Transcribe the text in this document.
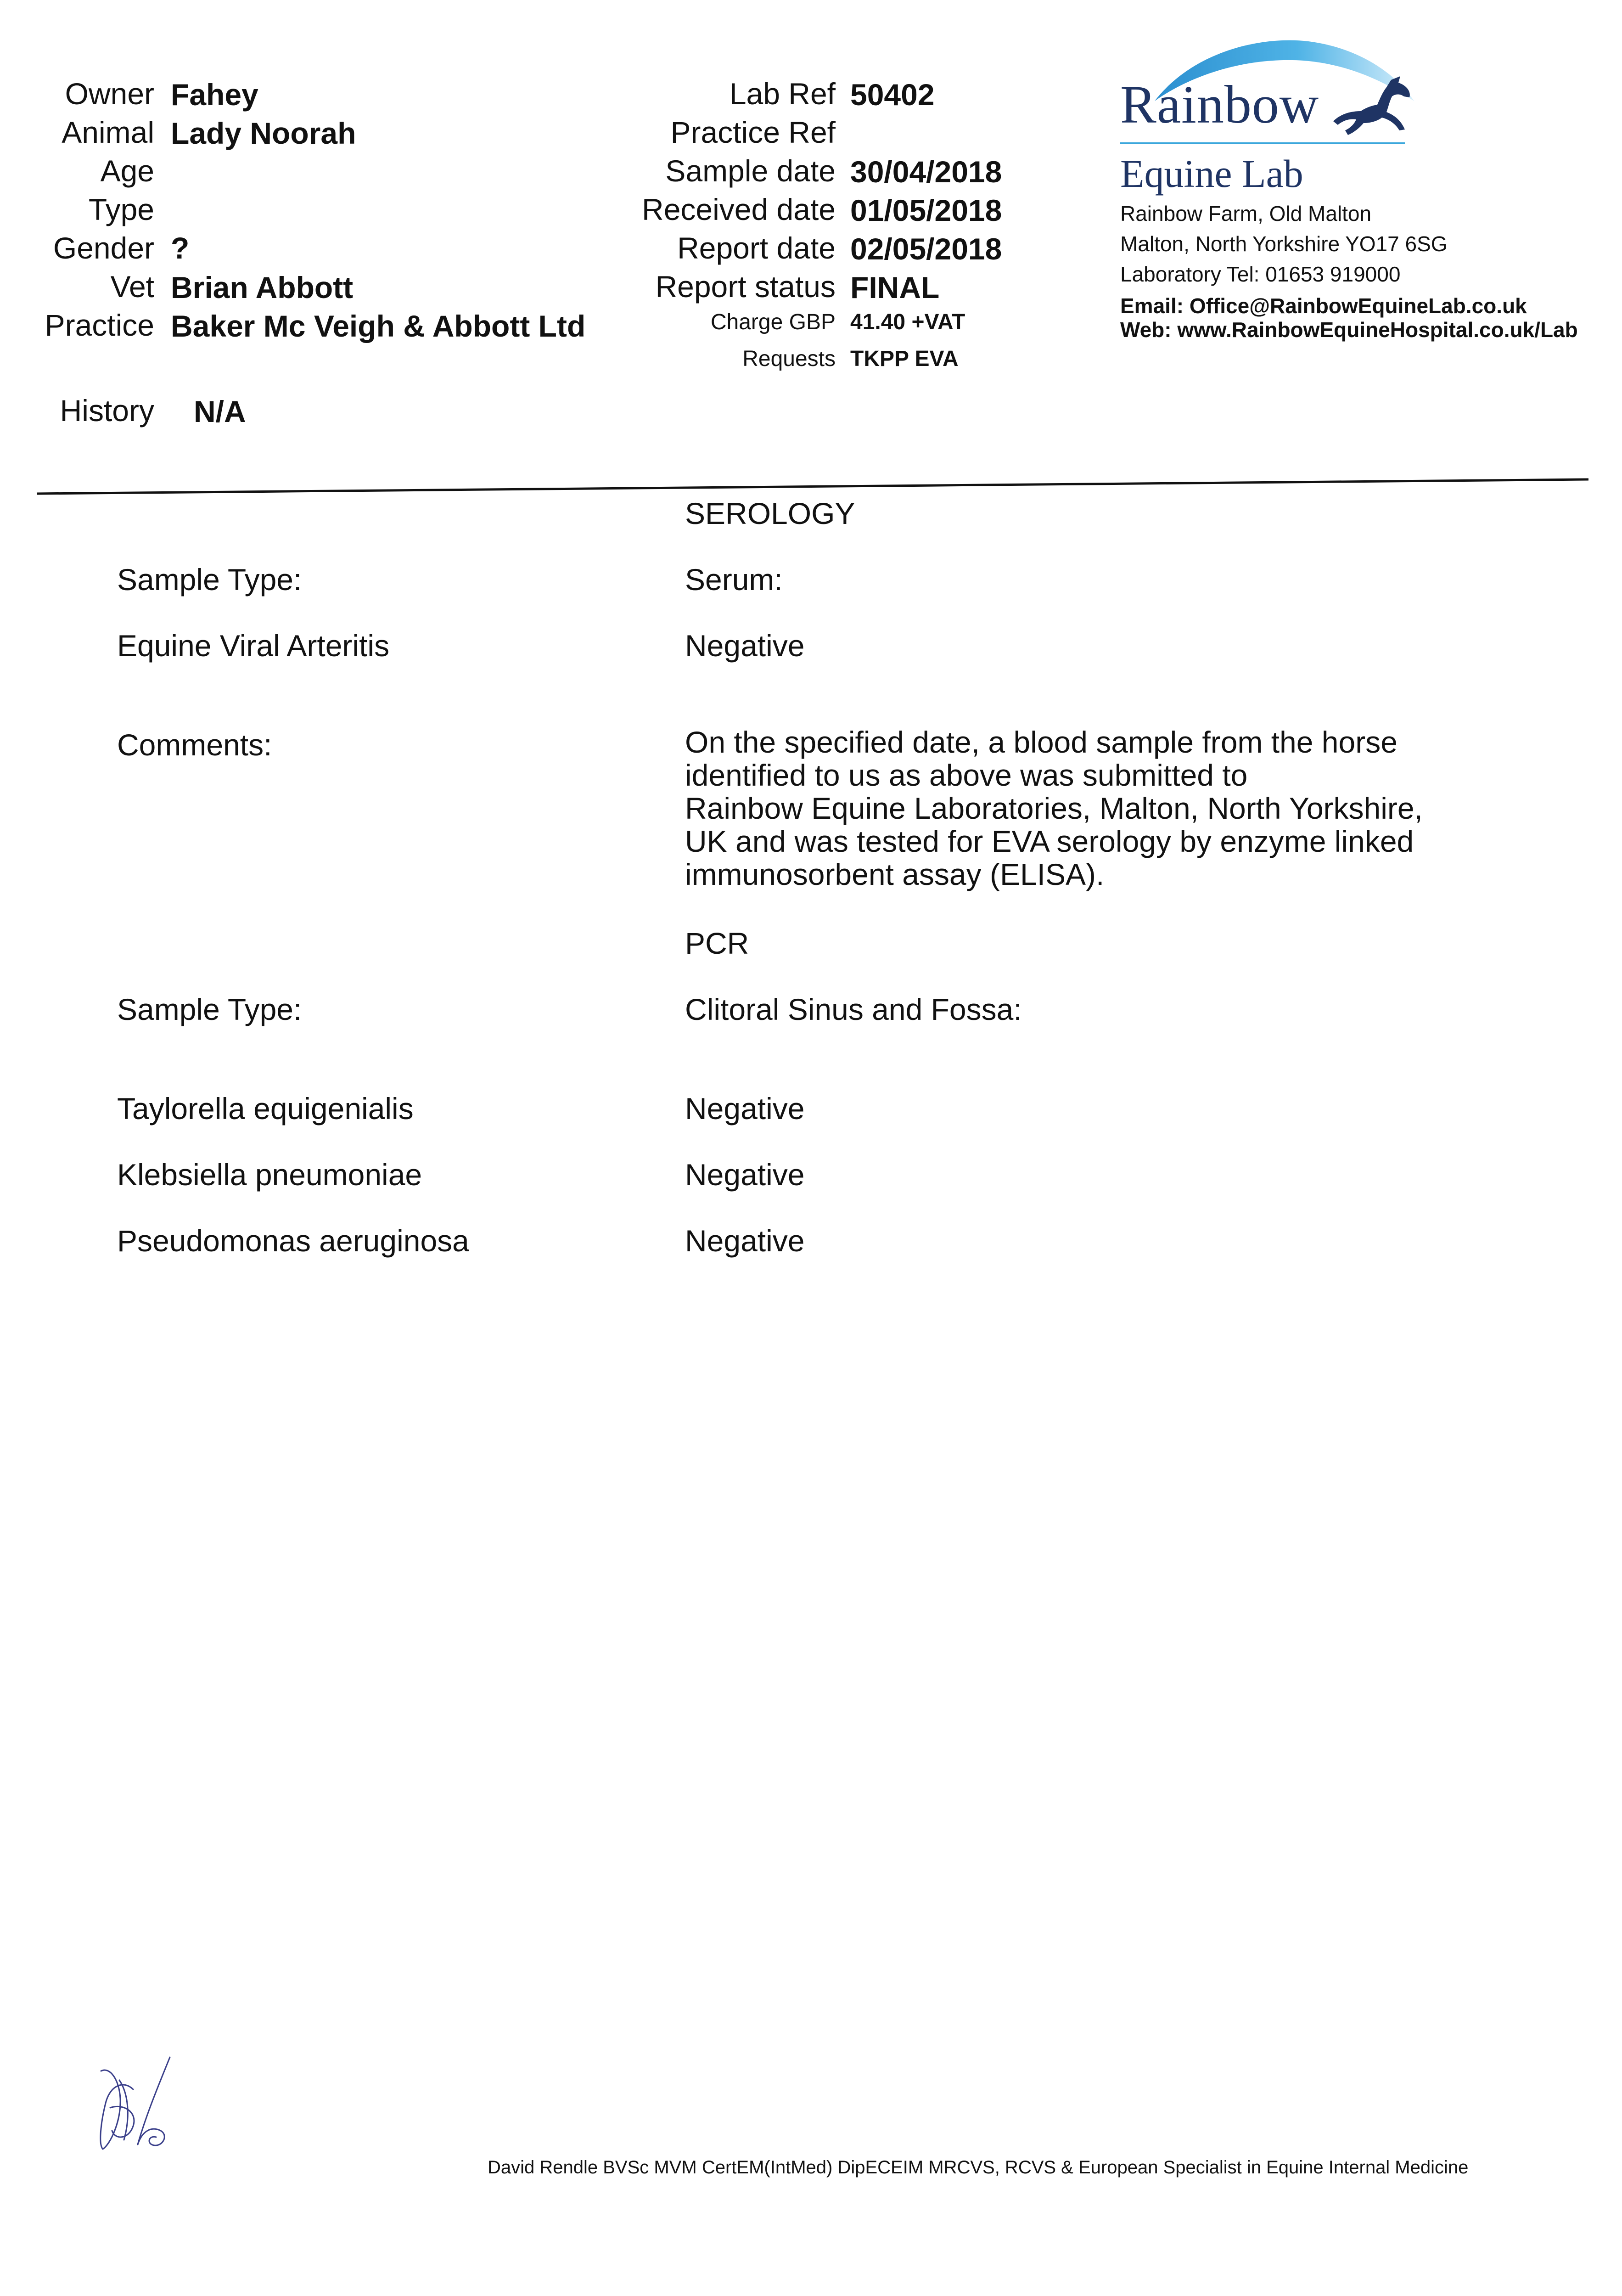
Owner Fahey
Animal Lady Noorah
Age
Type
Gender ?
Vet Brian Abbott
Practice Baker Mc Veigh & Abbott Ltd
History N/A
Lab Ref 50402
Practice Ref
Sample date 30/04/2018
Received date 01/05/2018
Report date 02/05/2018
Report status FINAL
Charge GBP 41.40 +VAT
Requests TKPP EVA
Rainbow
Equine Lab
Rainbow Farm, Old Malton
Malton, North Yorkshire YO17 6SG
Laboratory Tel: 01653 919000
Email: Office@RainbowEquineLab.co.uk
Web: www.RainbowEquineHospital.co.uk/Lab
SEROLOGY
Sample Type:	Serum:
Equine Viral Arteritis	Negative
Comments:	On the specified date, a blood sample from the horse
identified to us as above was submitted to
Rainbow Equine Laboratories, Malton, North Yorkshire,
UK and was tested for EVA serology by enzyme linked
immunosorbent assay (ELISA).
PCR
Sample Type:	Clitoral Sinus and Fossa:
Taylorella equigenialis	Negative
Klebsiella pneumoniae	Negative
Pseudomonas aeruginosa	Negative
David Rendle BVSc MVM CertEM(IntMed) DipECEIM MRCVS, RCVS & European Specialist in Equine Internal Medicine
